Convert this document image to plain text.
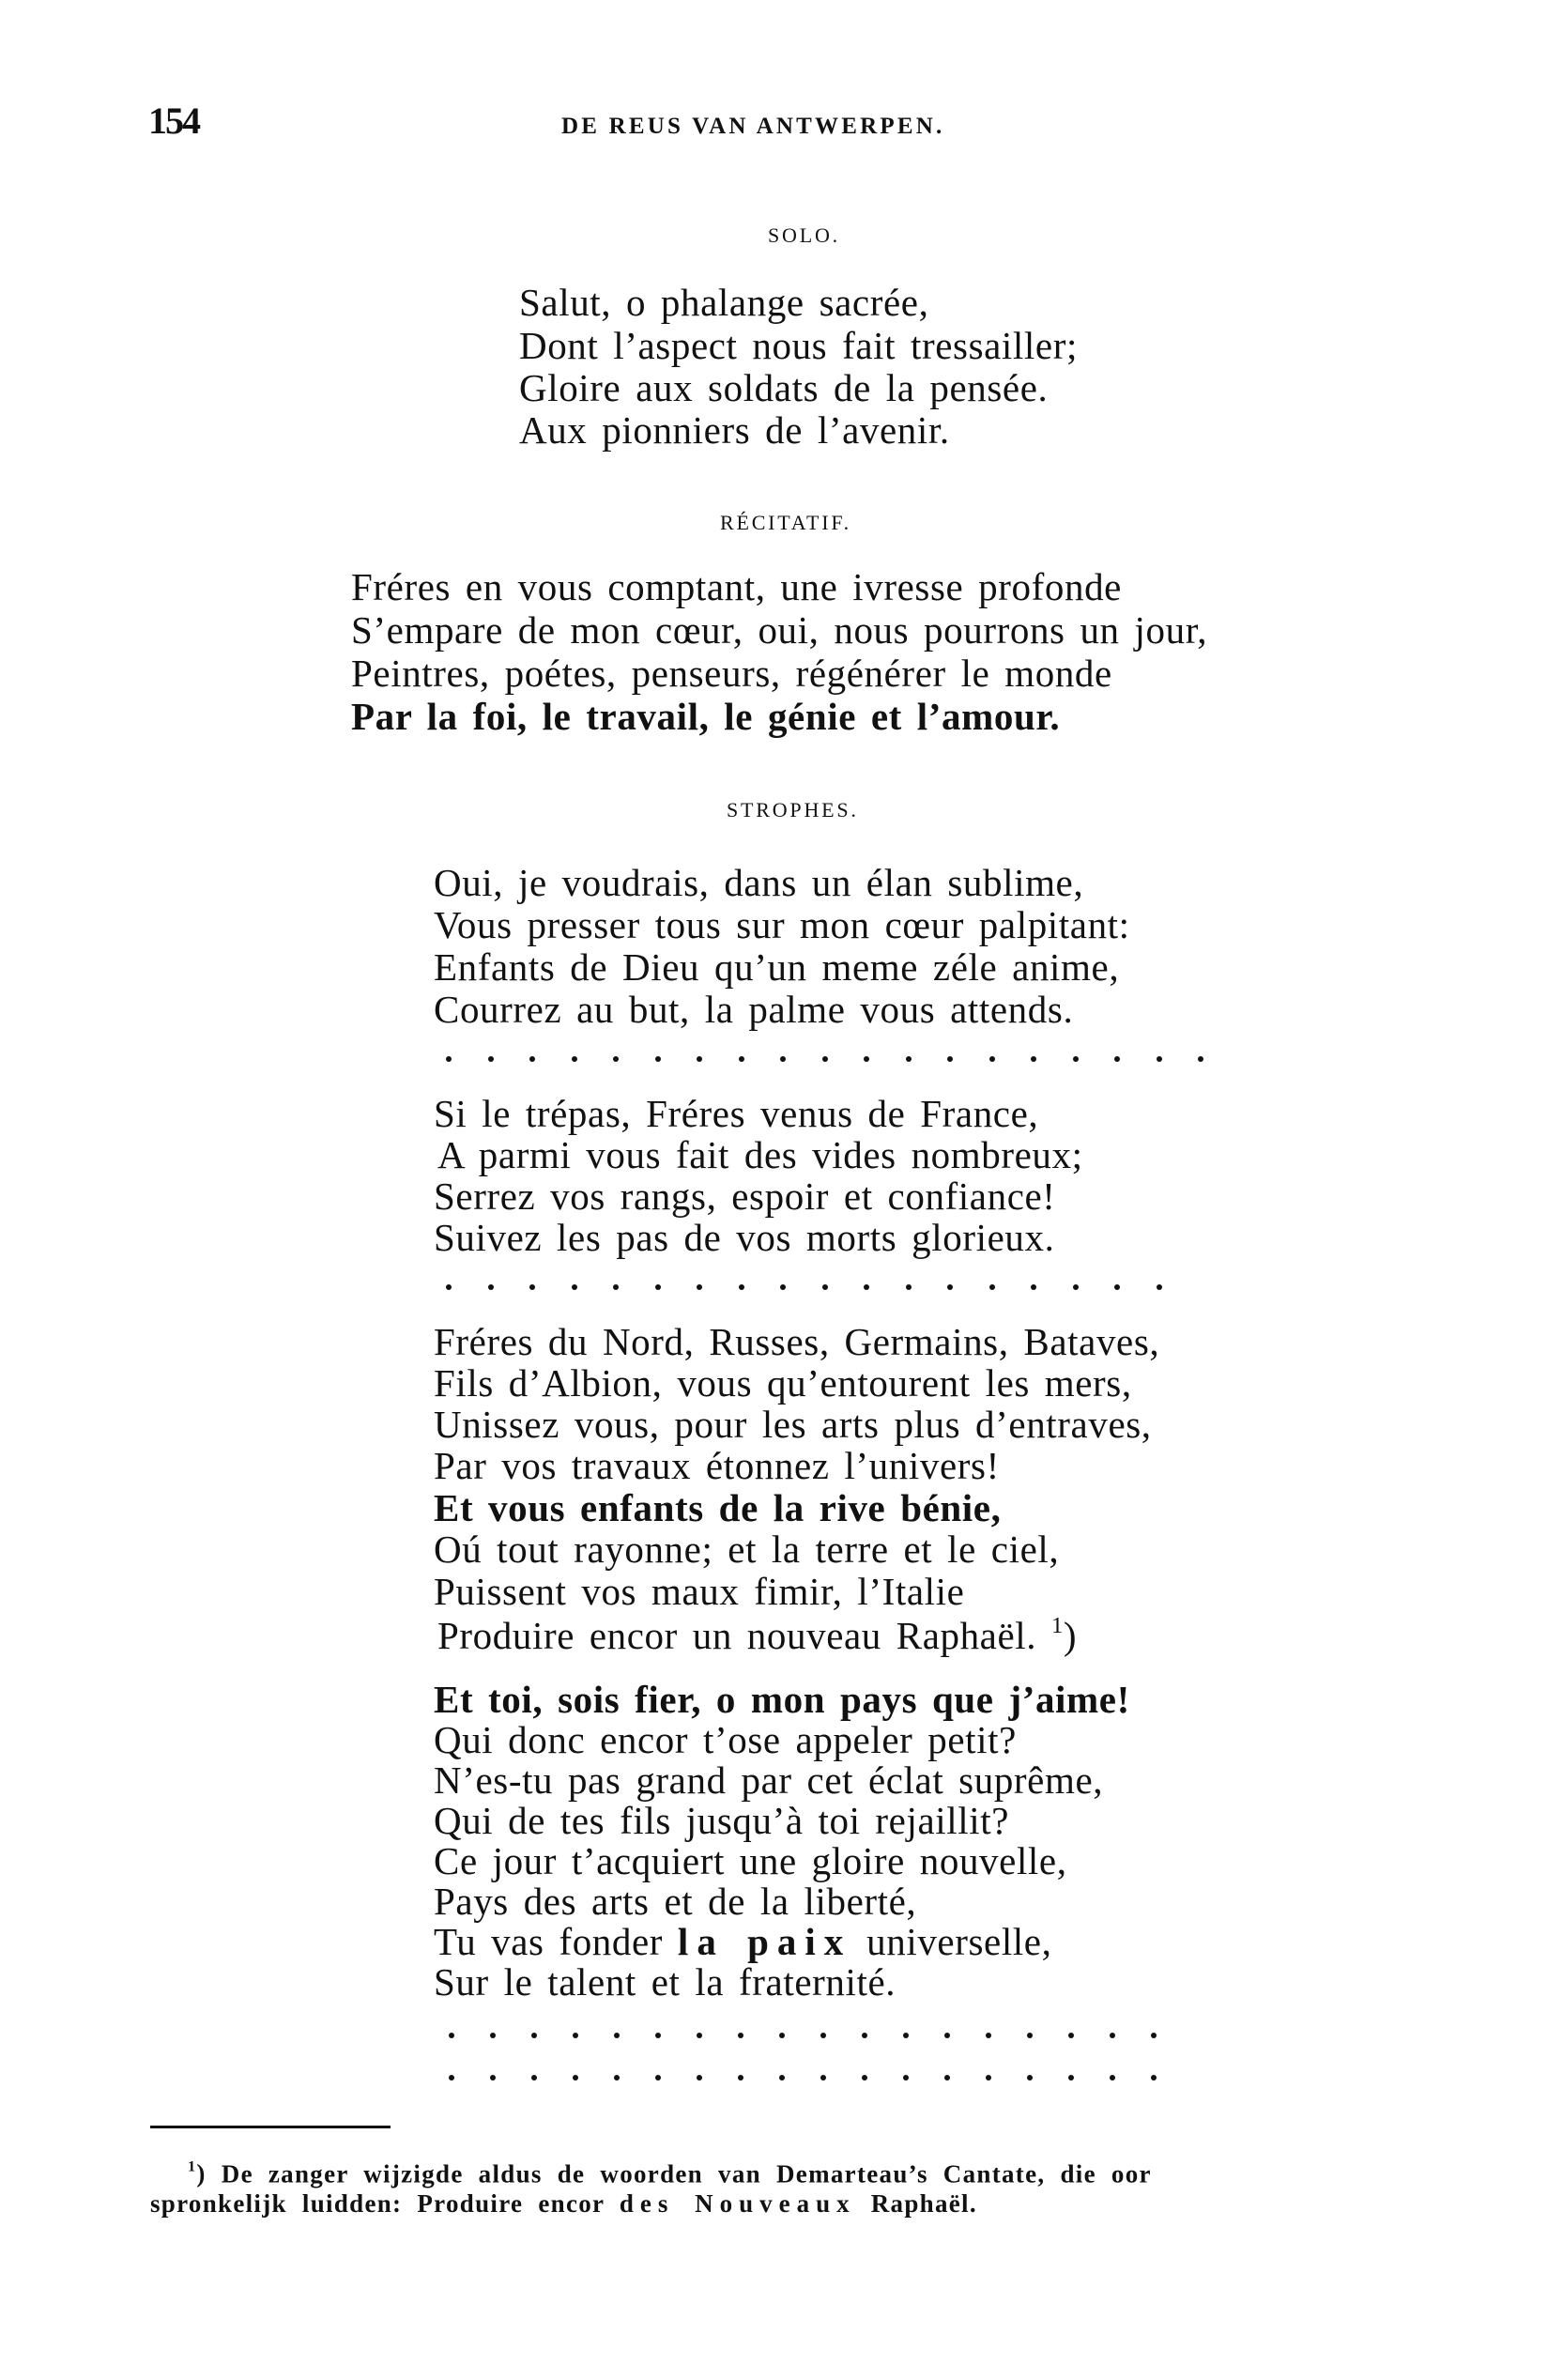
154	DE REUS VAN ANTWERPEN.
SOLO.
Salut, o phalange sacrée,
Dont l’aspect nous fait tressailler;
Gloire aux soldats de la pensée.
Aux pionniers de l’avenir.
RÉCITATIF.
Fréres en vous comptant, une ivresse profonde
S’empare de mon cœur, oui, nous pourrons un jour,
Peintres, poétes, penseurs, régénérer le monde
Par la foi, le travail, le génie et l’amour.
STROPHES.
Oui, je voudrais, dans un élan sublime,
Vous presser tous sur mon cœur palpitant:
Enfants de Dieu qu’un meme zéle anime,
Courrez au but, la palme vous attends.
Si le trépas, Fréres venus de France,
A parmi vous fait des vides nombreux;
Serrez vos rangs, espoir et confiance!
Suivez les pas de vos morts glorieux.
Fréres du Nord, Russes, Germains, Bataves,
Fils d’Albion, vous qu’entourent les mers,
Unissez vous, pour les arts plus d’entraves,
Par vos travaux étonnez l’univers!
Et vous enfants de la rive bénie,
Oú tout rayonne; et la terre et le ciel,
Puissent vos maux fimir, l’Italie
Produire encor un nouveau Raphaël. $^1$)
Et toi, sois fier, o mon pays que j’aime!
Qui donc encor t’ose appeler petit?
N’es-tu pas grand par cet éclat suprême,
Qui de tes fils jusqu’à toi rejaillit?
Ce jour t’acquiert une gloire nouvelle,
Pays des arts et de la liberté,
Tu vas fonder la paix universelle,
Sur le talent et la fraternité.
$^1$) De zanger wijzigde aldus de woorden van Demarteau’s Cantate, die oor
spronkelijk luidden: Produire encor des Nouveaux Raphaël.
